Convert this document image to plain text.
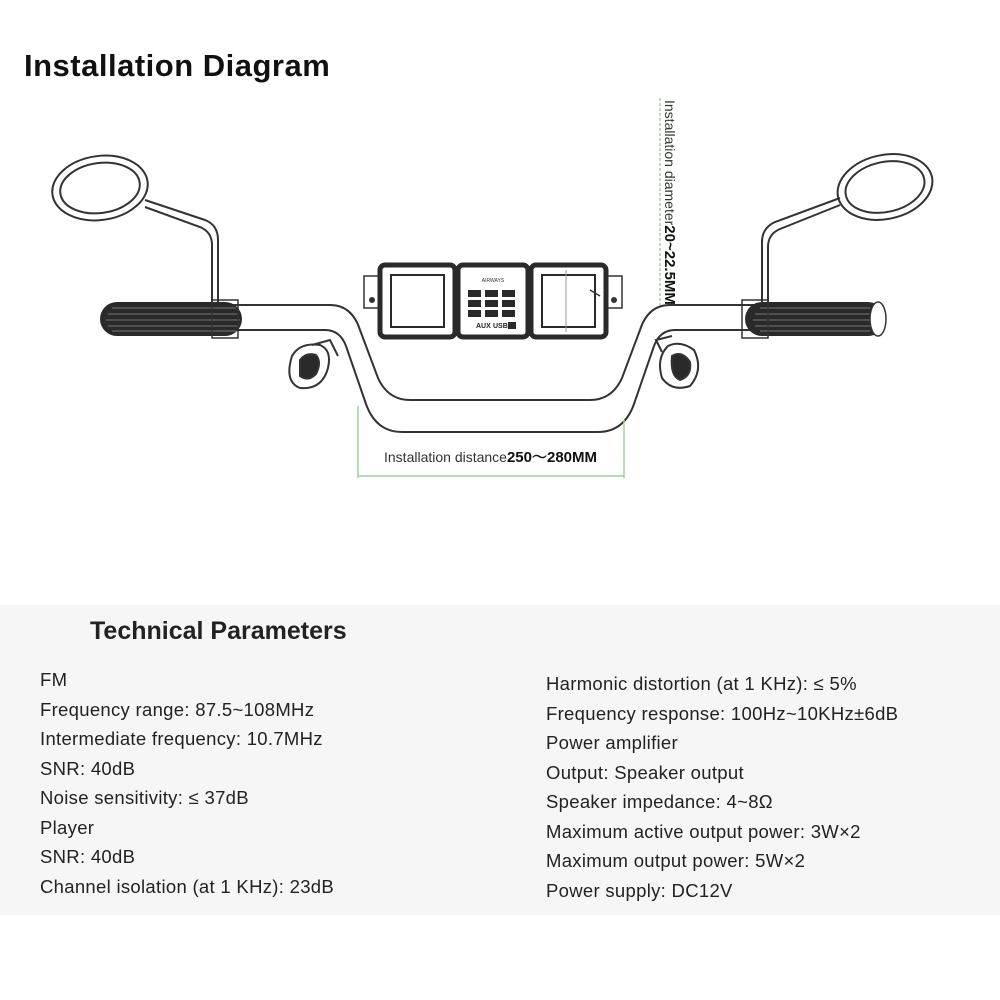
Installation Diagram
AIRWAYS
AUX USB
Installation diameter20~22.5MM
Installation distance250～280MM
Technical Parameters
FM
Frequency range: 87.5~108MHz
Intermediate frequency: 10.7MHz
SNR: 40dB
Noise sensitivity: ≤ 37dB
Player
SNR: 40dB
Channel isolation (at 1 KHz): 23dB
Harmonic distortion (at 1 KHz): ≤ 5%
Frequency response: 100Hz~10KHz±6dB
Power amplifier
Output: Speaker output
Speaker impedance: 4~8Ω
Maximum active output power: 3W×2
Maximum output power: 5W×2
Power supply: DC12V
